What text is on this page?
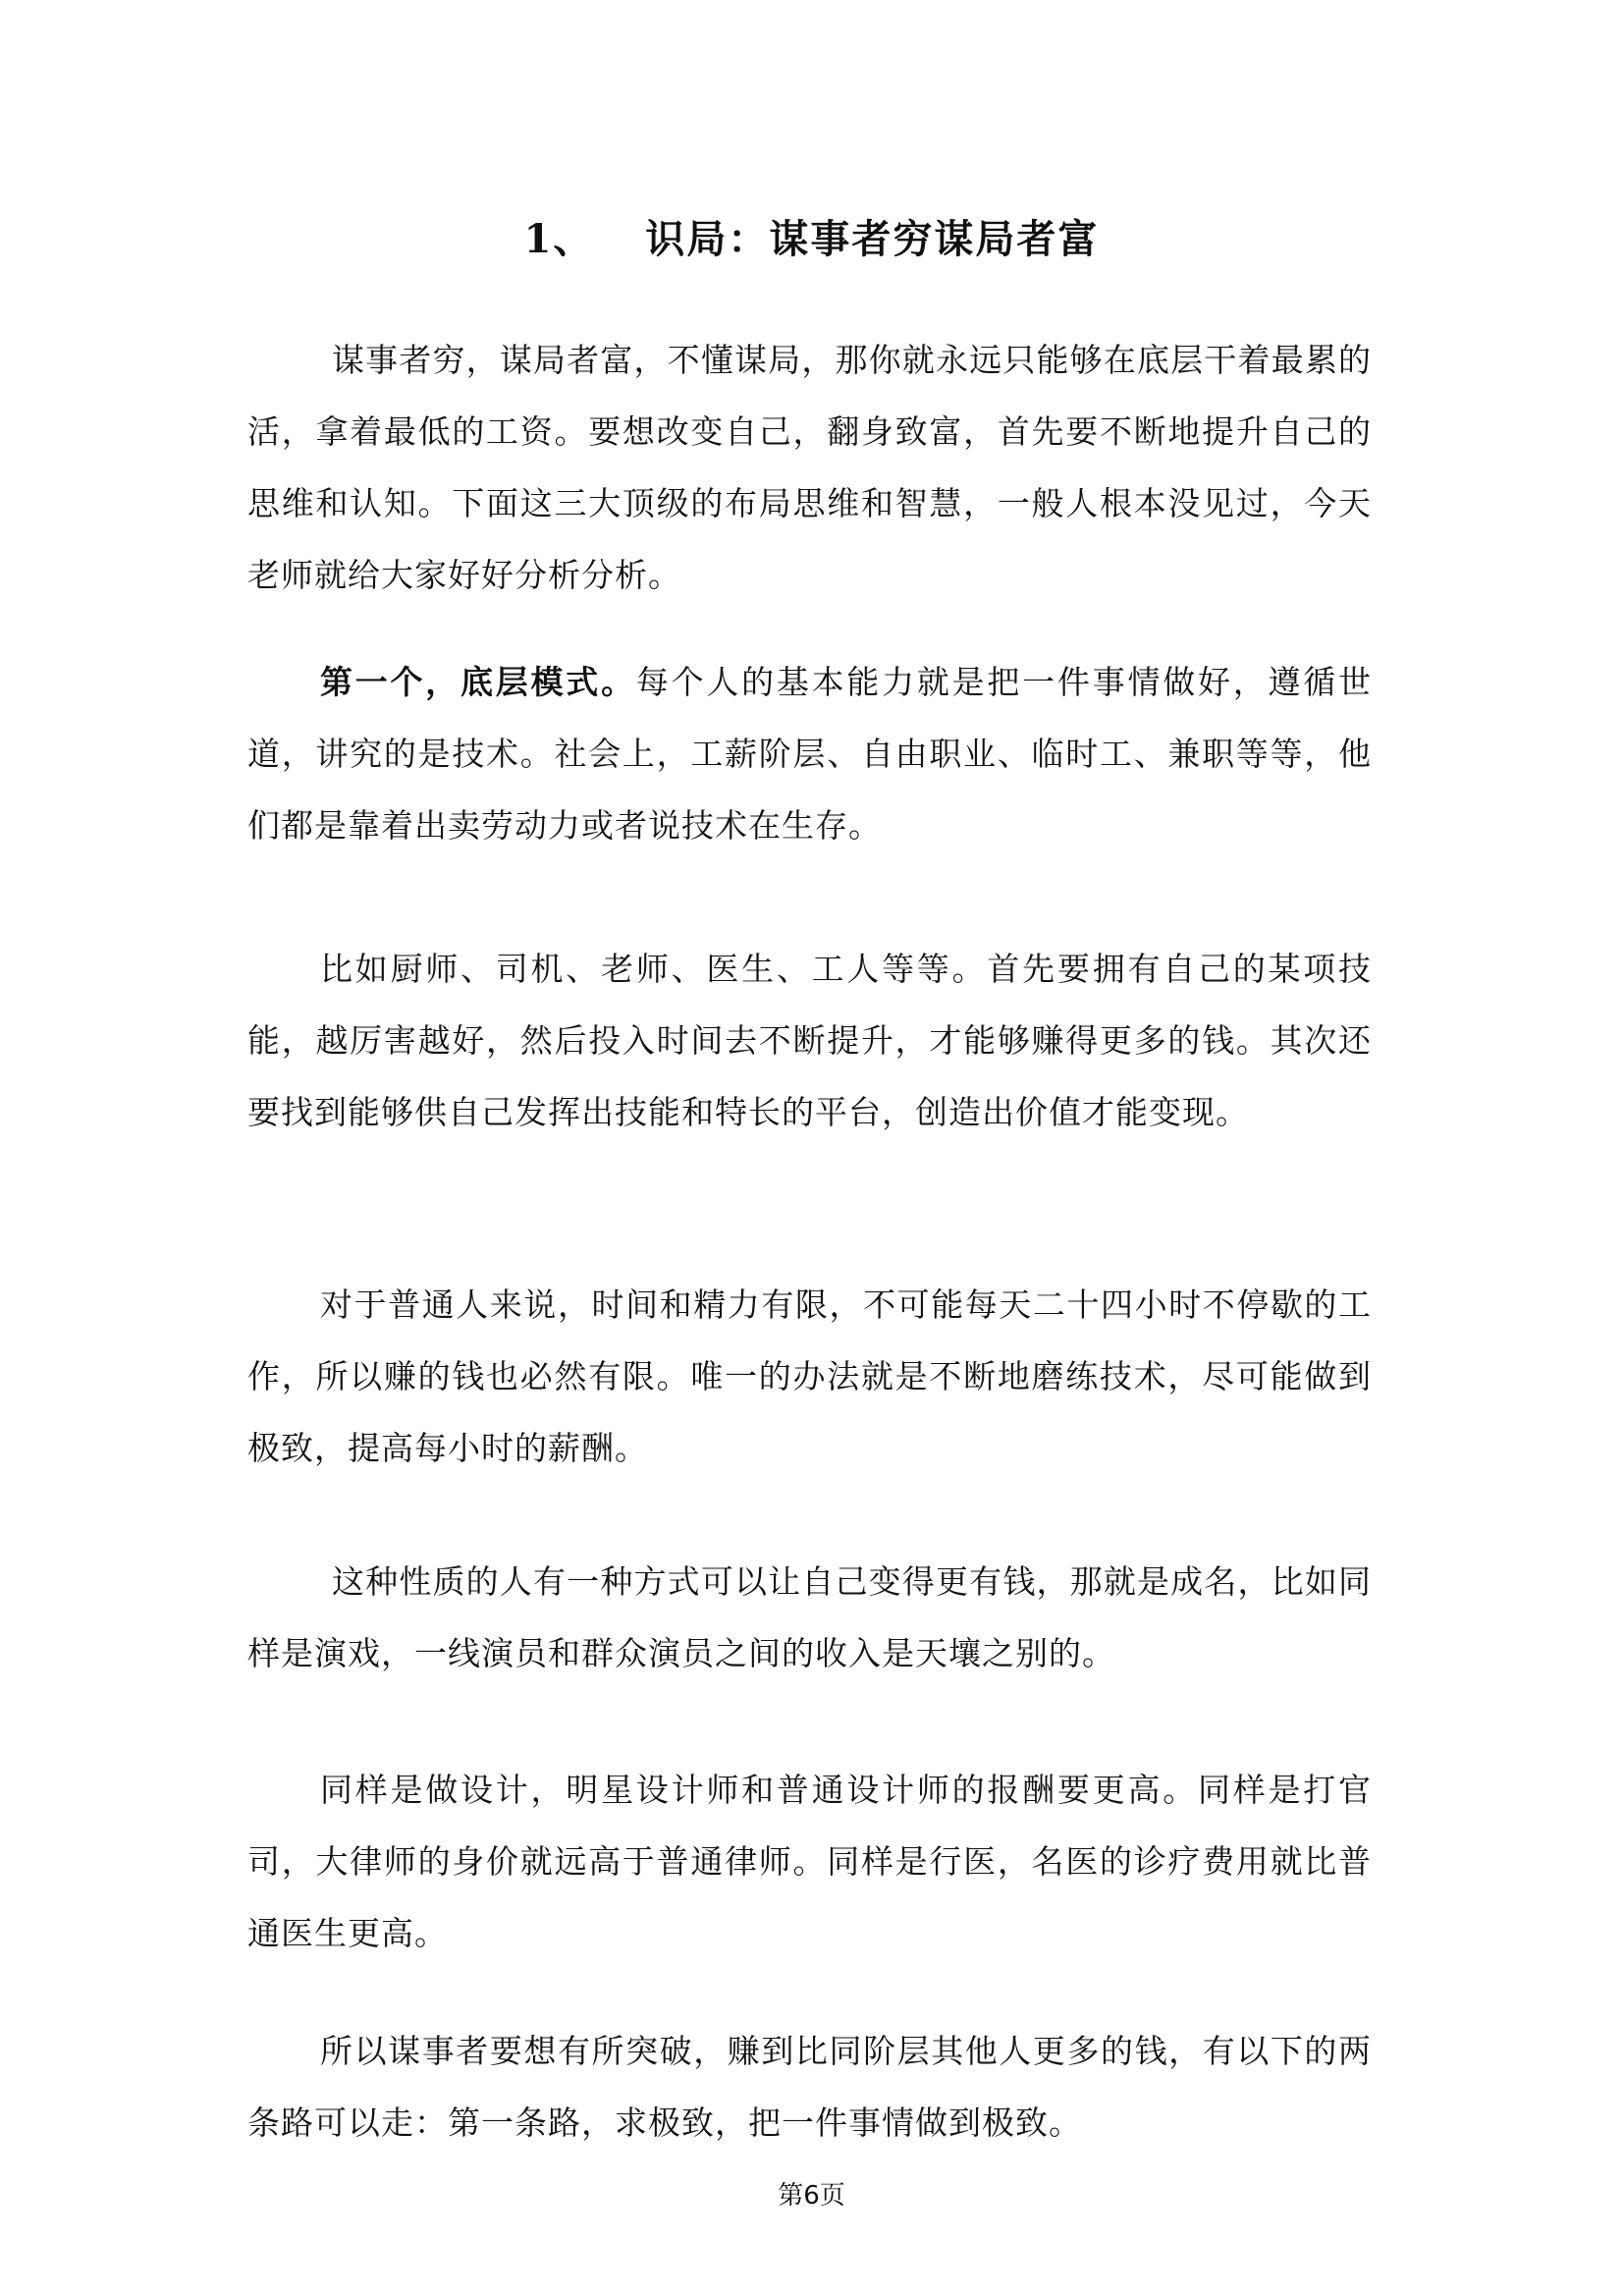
1、 识局：谋事者穷谋局者富

谋事者穷，谋局者富，不懂谋局，那你就永远只能够在底层干着最累的活，拿着最低的工资。要想改变自己，翻身致富，首先要不断地提升自己的思维和认知。下面这三大顶级的布局思维和智慧，一般人根本没见过，今天老师就给大家好好分析分析。

第一个，底层模式。每个人的基本能力就是把一件事情做好，遵循世道，讲究的是技术。社会上，工薪阶层、自由职业、临时工、兼职等等，他们都是靠着出卖劳动力或者说技术在生存。

比如厨师、司机、老师、医生、工人等等。首先要拥有自己的某项技能，越厉害越好，然后投入时间去不断提升，才能够赚得更多的钱。其次还要找到能够供自己发挥出技能和特长的平台，创造出价值才能变现。

对于普通人来说，时间和精力有限，不可能每天二十四小时不停歇的工作，所以赚的钱也必然有限。唯一的办法就是不断地磨练技术，尽可能做到极致，提高每小时的薪酬。

这种性质的人有一种方式可以让自己变得更有钱，那就是成名，比如同样是演戏，一线演员和群众演员之间的收入是天壤之别的。

同样是做设计，明星设计师和普通设计师的报酬要更高。同样是打官司，大律师的身价就远高于普通律师。同样是行医，名医的诊疗费用就比普通医生更高。

所以谋事者要想有所突破，赚到比同阶层其他人更多的钱，有以下的两条路可以走：第一条路，求极致，把一件事情做到极致。

第6页
